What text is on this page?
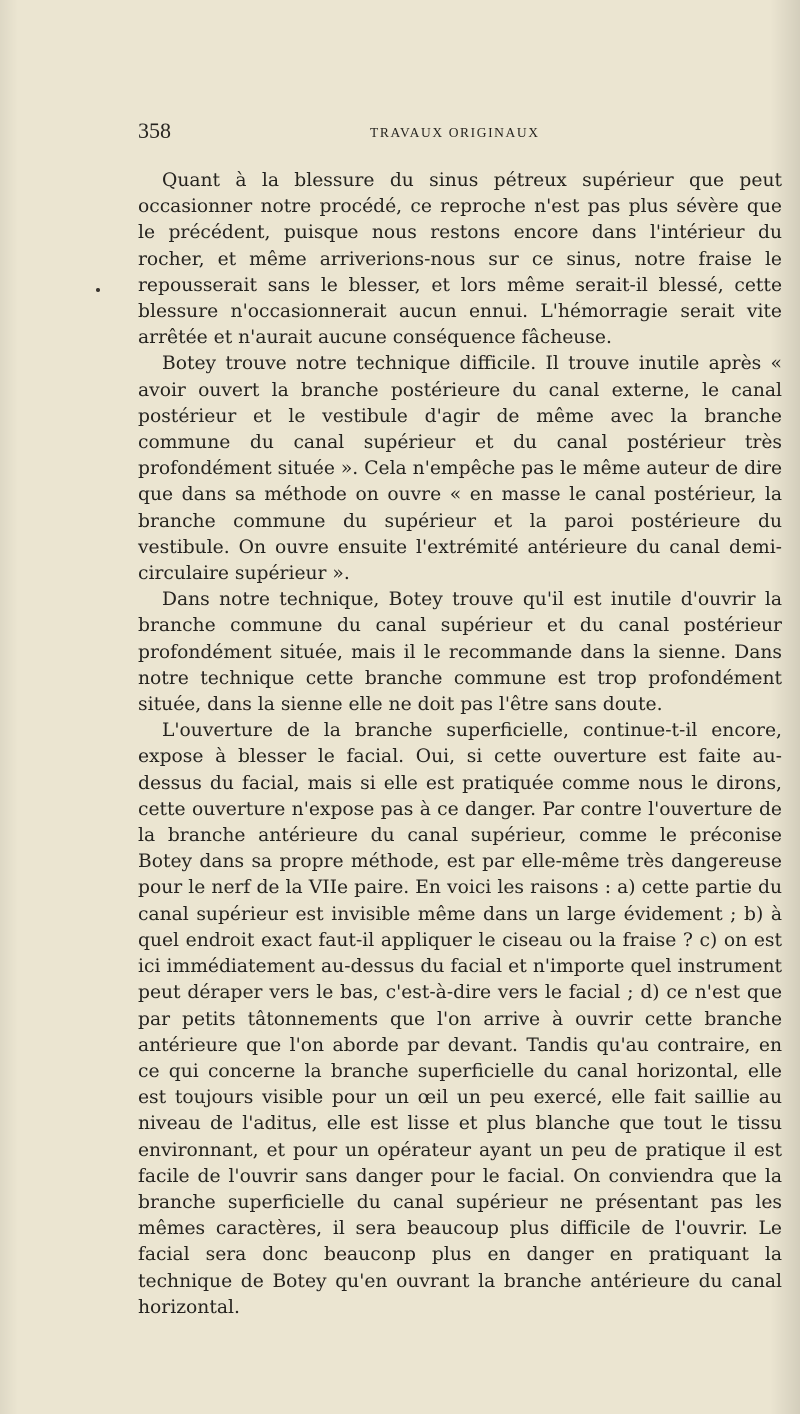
358	TRAVAUX ORIGINAUX

Quant à la blessure du sinus pétreux supérieur que peut occasionner notre procédé, ce reproche n'est pas plus sévère que le précédent, puisque nous restons encore dans l'intérieur du rocher, et même arriverions-nous sur ce sinus, notre fraise le repousserait sans le blesser, et lors même serait-il blessé, cette blessure n'occasionnerait aucun ennui. L'hémorragie serait vite arrêtée et n'aurait aucune conséquence fâcheuse.

Botey trouve notre technique difficile. Il trouve inutile après « avoir ouvert la branche postérieure du canal externe, le canal postérieur et le vestibule d'agir de même avec la branche commune du canal supérieur et du canal postérieur très profondément située ». Cela n'empêche pas le même auteur de dire que dans sa méthode on ouvre « en masse le canal postérieur, la branche commune du supérieur et la paroi postérieure du vestibule. On ouvre ensuite l'extrémité antérieure du canal demi-circulaire supérieur ».

Dans notre technique, Botey trouve qu'il est inutile d'ouvrir la branche commune du canal supérieur et du canal postérieur profondément située, mais il le recommande dans la sienne. Dans notre technique cette branche commune est trop profondément située, dans la sienne elle ne doit pas l'être sans doute.

L'ouverture de la branche superficielle, continue-t-il encore, expose à blesser le facial. Oui, si cette ouverture est faite au-dessus du facial, mais si elle est pratiquée comme nous le dirons, cette ouverture n'expose pas à ce danger. Par contre l'ouverture de la branche antérieure du canal supérieur, comme le préconise Botey dans sa propre méthode, est par elle-même très dangereuse pour le nerf de la VIIe paire. En voici les raisons : a) cette partie du canal supérieur est invisible même dans un large évidement ; b) à quel endroit exact faut-il appliquer le ciseau ou la fraise ? c) on est ici immédiatement au-dessus du facial et n'importe quel instrument peut déraper vers le bas, c'est-à-dire vers le facial ; d) ce n'est que par petits tâtonnements que l'on arrive à ouvrir cette branche antérieure que l'on aborde par devant. Tandis qu'au contraire, en ce qui concerne la branche superficielle du canal horizontal, elle est toujours visible pour un œil un peu exercé, elle fait saillie au niveau de l'aditus, elle est lisse et plus blanche que tout le tissu environnant, et pour un opérateur ayant un peu de pratique il est facile de l'ouvrir sans danger pour le facial. On conviendra que la branche superficielle du canal supérieur ne présentant pas les mêmes caractères, il sera beaucoup plus difficile de l'ouvrir. Le facial sera donc beauconp plus en danger en pratiquant la technique de Botey qu'en ouvrant la branche antérieure du canal horizontal.
